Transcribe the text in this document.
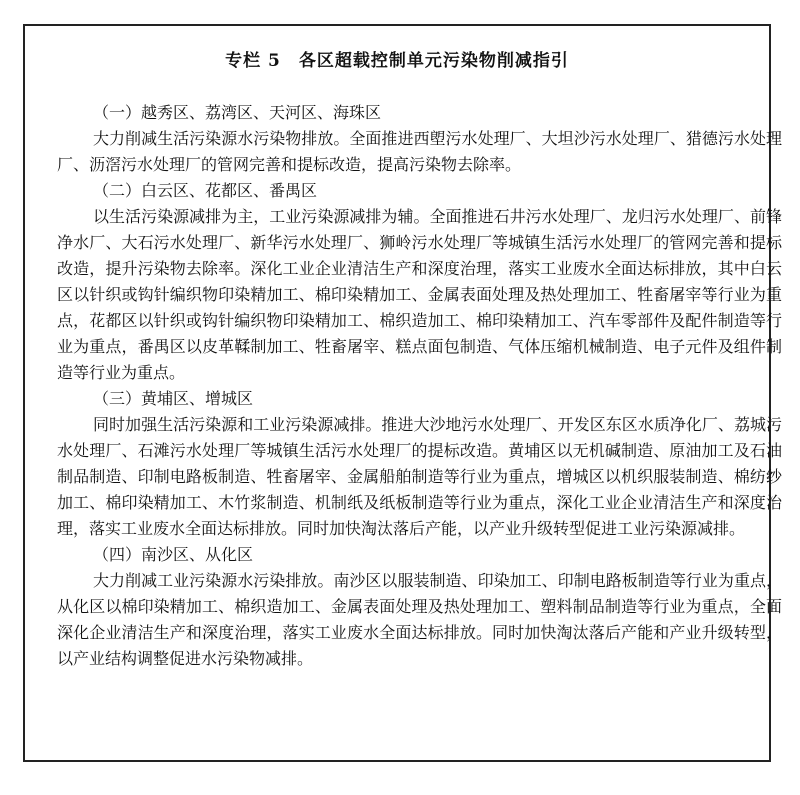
专栏 5　各区超载控制单元污染物削减指引
（一）越秀区、荔湾区、天河区、海珠区
大力削减生活污染源水污染物排放。全面推进西塱污水处理厂、大坦沙污水处理厂、猎德污水处理厂、沥滘污水处理厂的管网完善和提标改造，提高污染物去除率。
（二）白云区、花都区、番禺区
以生活污染源减排为主，工业污染源减排为辅。全面推进石井污水处理厂、龙归污水处理厂、前锋净水厂、大石污水处理厂、新华污水处理厂、狮岭污水处理厂等城镇生活污水处理厂的管网完善和提标改造，提升污染物去除率。深化工业企业清洁生产和深度治理，落实工业废水全面达标排放，其中白云区以针织或钩针编织物印染精加工、棉印染精加工、金属表面处理及热处理加工、牲畜屠宰等行业为重点，花都区以针织或钩针编织物印染精加工、棉织造加工、棉印染精加工、汽车零部件及配件制造等行业为重点，番禺区以皮革鞣制加工、牲畜屠宰、糕点面包制造、气体压缩机械制造、电子元件及组件制造等行业为重点。
（三）黄埔区、增城区
同时加强生活污染源和工业污染源减排。推进大沙地污水处理厂、开发区东区水质净化厂、荔城污水处理厂、石滩污水处理厂等城镇生活污水处理厂的提标改造。黄埔区以无机碱制造、原油加工及石油制品制造、印制电路板制造、牲畜屠宰、金属船舶制造等行业为重点，增城区以机织服装制造、棉纺纱加工、棉印染精加工、木竹浆制造、机制纸及纸板制造等行业为重点，深化工业企业清洁生产和深度治理，落实工业废水全面达标排放。同时加快淘汰落后产能，以产业升级转型促进工业污染源减排。
（四）南沙区、从化区
大力削减工业污染源水污染排放。南沙区以服装制造、印染加工、印制电路板制造等行业为重点，从化区以棉印染精加工、棉织造加工、金属表面处理及热处理加工、塑料制品制造等行业为重点，全面深化企业清洁生产和深度治理，落实工业废水全面达标排放。同时加快淘汰落后产能和产业升级转型，以产业结构调整促进水污染物减排。
